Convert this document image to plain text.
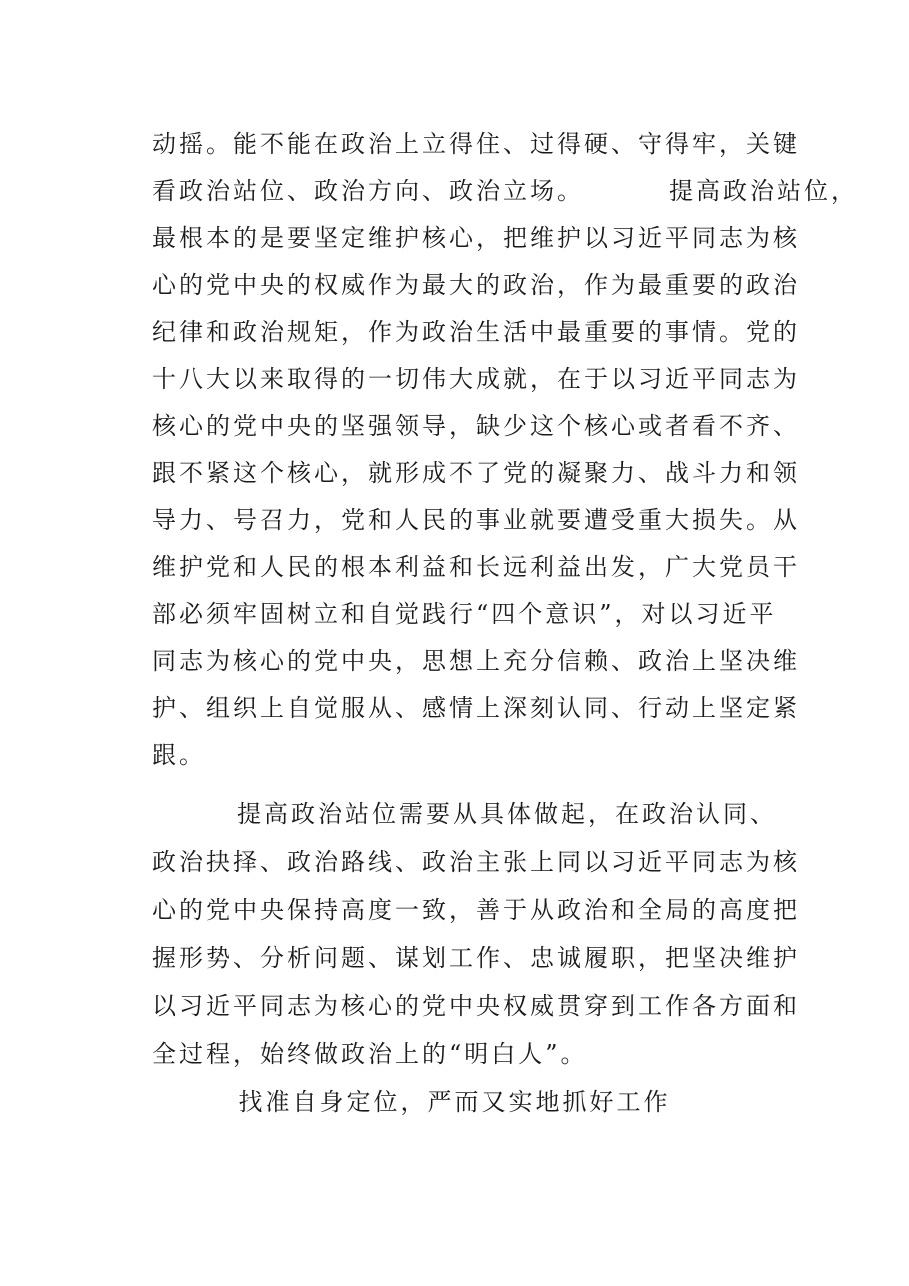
动摇。能不能在政治上立得住、过得硬、守得牢，关键
看政治站位、政治方向、政治立场。        提高政治站位，
最根本的是要坚定维护核心，把维护以习近平同志为核
心的党中央的权威作为最大的政治，作为最重要的政治
纪律和政治规矩，作为政治生活中最重要的事情。党的
十八大以来取得的一切伟大成就，在于以习近平同志为
核心的党中央的坚强领导，缺少这个核心或者看不齐、
跟不紧这个核心，就形成不了党的凝聚力、战斗力和领
导力、号召力，党和人民的事业就要遭受重大损失。从
维护党和人民的根本利益和长远利益出发，广大党员干
部必须牢固树立和自觉践行“四个意识”，对以习近平
同志为核心的党中央，思想上充分信赖、政治上坚决维
护、组织上自觉服从、感情上深刻认同、行动上坚定紧
跟。
提高政治站位需要从具体做起，在政治认同、
政治抉择、政治路线、政治主张上同以习近平同志为核
心的党中央保持高度一致，善于从政治和全局的高度把
握形势、分析问题、谋划工作、忠诚履职，把坚决维护
以习近平同志为核心的党中央权威贯穿到工作各方面和
全过程，始终做政治上的“明白人”。
找准自身定位，严而又实地抓好工作
